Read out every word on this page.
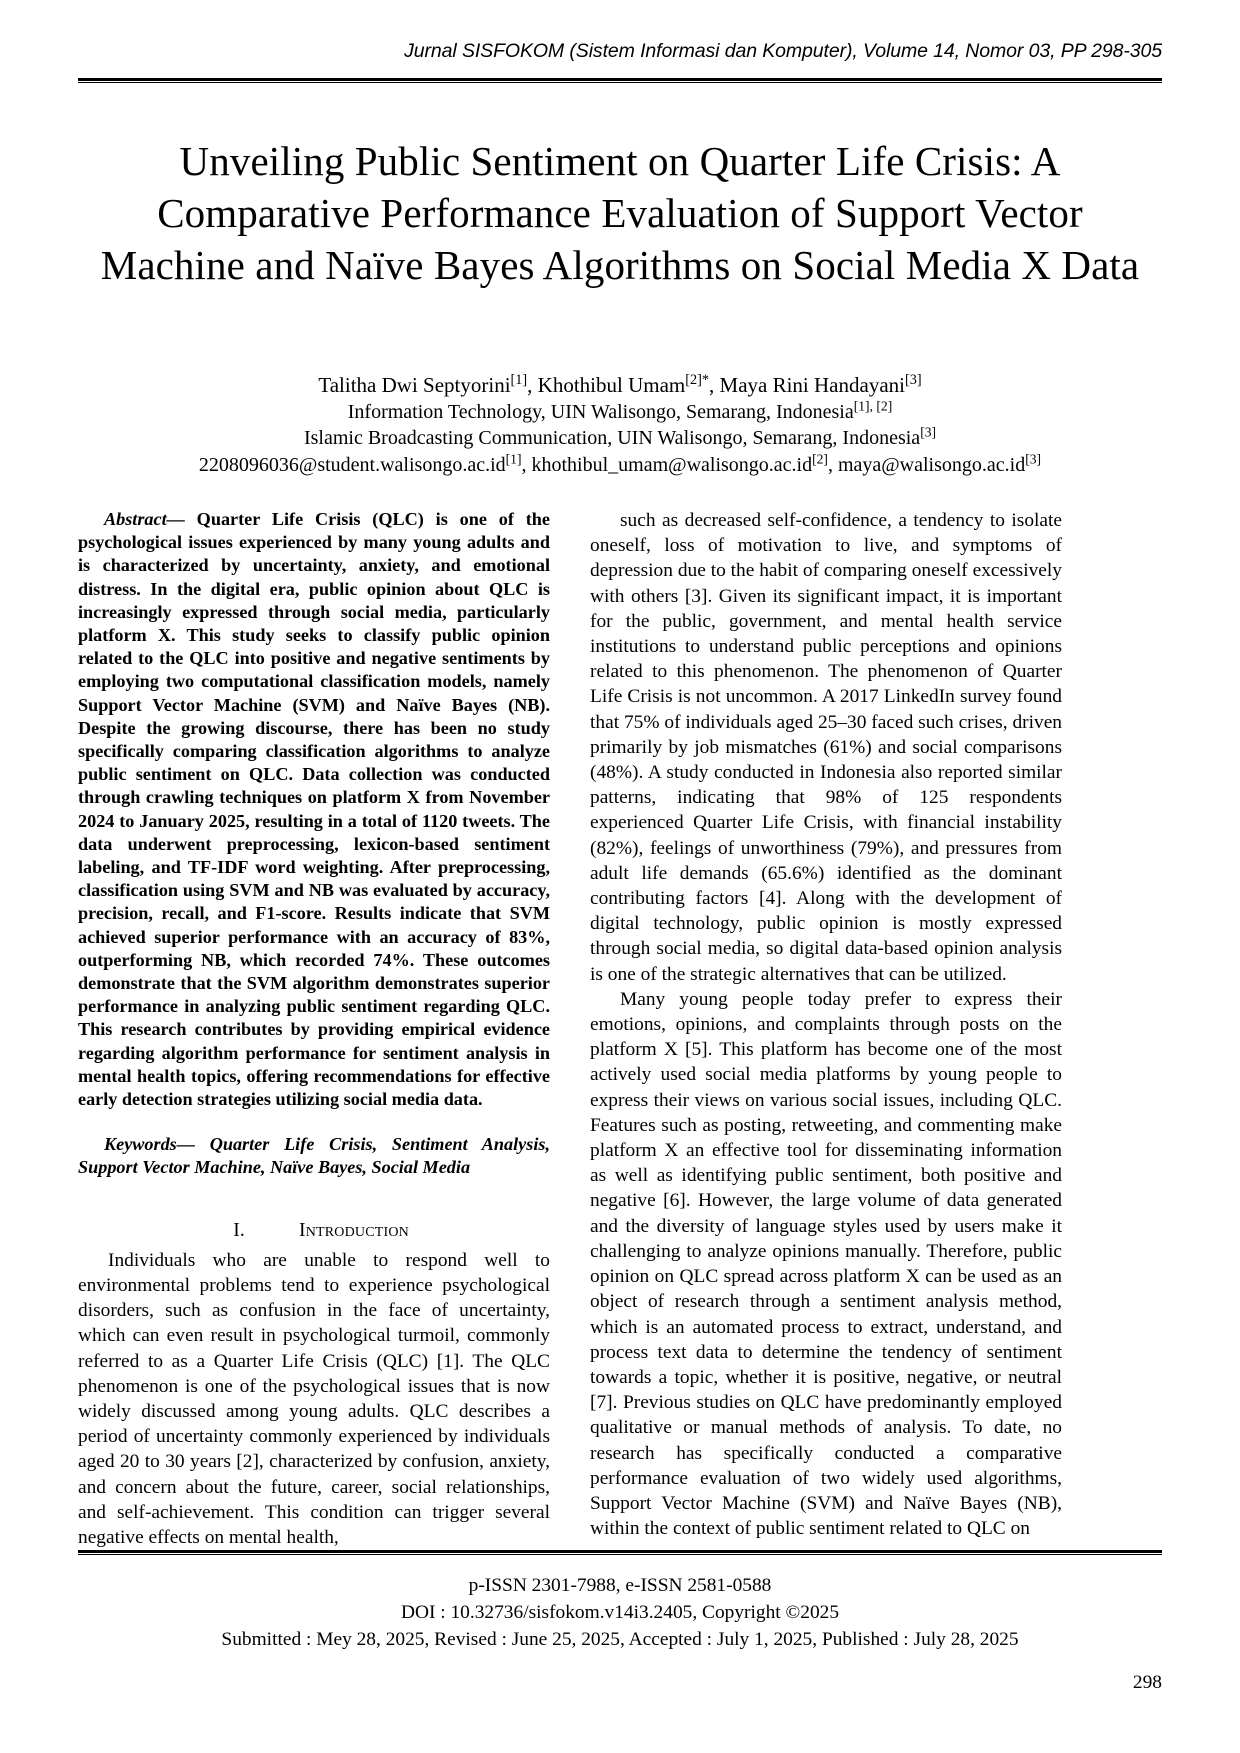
Jurnal SISFOKOM (Sistem Informasi dan Komputer), Volume 14, Nomor 03, PP 298-305
Unveiling Public Sentiment on Quarter Life Crisis: A Comparative Performance Evaluation of Support Vector Machine and Naïve Bayes Algorithms on Social Media X Data
Talitha Dwi Septyorini[1], Khothibul Umam$^{[2]*}$, Maya Rini Handayani[3]
Information Technology, UIN Walisongo, Semarang, Indonesia[1], [2]
Islamic Broadcasting Communication, UIN Walisongo, Semarang, Indonesia[3]
2208096036@student.walisongo.ac.id[1], khothibul_umam@walisongo.ac.id[2], maya@walisongo.ac.id[3]

Abstract— Quarter Life Crisis (QLC) is one of the psychological issues experienced by many young adults and is characterized by uncertainty, anxiety, and emotional distress. In the digital era, public opinion about QLC is increasingly expressed through social media, particularly platform X. This study seeks to classify public opinion related to the QLC into positive and negative sentiments by employing two computational classification models, namely Support Vector Machine (SVM) and Naïve Bayes (NB). Despite the growing discourse, there has been no study specifically comparing classification algorithms to analyze public sentiment on QLC. Data collection was conducted through crawling techniques on platform X from November 2024 to January 2025, resulting in a total of 1120 tweets. The data underwent preprocessing, lexicon-based sentiment labeling, and TF-IDF word weighting. After preprocessing, classification using SVM and NB was evaluated by accuracy, precision, recall, and F1-score. Results indicate that SVM achieved superior performance with an accuracy of 83%, outperforming NB, which recorded 74%. These outcomes demonstrate that the SVM algorithm demonstrates superior performance in analyzing public sentiment regarding QLC. This research contributes by providing empirical evidence regarding algorithm performance for sentiment analysis in mental health topics, offering recommendations for effective early detection strategies utilizing social media data.

Keywords— Quarter Life Crisis, Sentiment Analysis, Support Vector Machine, Naïve Bayes, Social Media

I.	Introduction

Individuals who are unable to respond well to environmental problems tend to experience psychological disorders, such as confusion in the face of uncertainty, which can even result in psychological turmoil, commonly referred to as a Quarter Life Crisis (QLC) [1]. The QLC phenomenon is one of the psychological issues that is now widely discussed among young adults. QLC describes a period of uncertainty commonly experienced by individuals aged 20 to 30 years [2], characterized by confusion, anxiety, and concern about the future, career, social relationships, and self-achievement. This condition can trigger several negative effects on mental health,

such as decreased self-confidence, a tendency to isolate oneself, loss of motivation to live, and symptoms of depression due to the habit of comparing oneself excessively with others [3]. Given its significant impact, it is important for the public, government, and mental health service institutions to understand public perceptions and opinions related to this phenomenon. The phenomenon of Quarter Life Crisis is not uncommon. A 2017 LinkedIn survey found that 75% of individuals aged 25–30 faced such crises, driven primarily by job mismatches (61%) and social comparisons (48%). A study conducted in Indonesia also reported similar patterns, indicating that 98% of 125 respondents experienced Quarter Life Crisis, with financial instability (82%), feelings of unworthiness (79%), and pressures from adult life demands (65.6%) identified as the dominant contributing factors [4]. Along with the development of digital technology, public opinion is mostly expressed through social media, so digital data-based opinion analysis is one of the strategic alternatives that can be utilized.

Many young people today prefer to express their emotions, opinions, and complaints through posts on the platform X [5]. This platform has become one of the most actively used social media platforms by young people to express their views on various social issues, including QLC. Features such as posting, retweeting, and commenting make platform X an effective tool for disseminating information as well as identifying public sentiment, both positive and negative [6]. However, the large volume of data generated and the diversity of language styles used by users make it challenging to analyze opinions manually. Therefore, public opinion on QLC spread across platform X can be used as an object of research through a sentiment analysis method, which is an automated process to extract, understand, and process text data to determine the tendency of sentiment towards a topic, whether it is positive, negative, or neutral [7]. Previous studies on QLC have predominantly employed qualitative or manual methods of analysis. To date, no research has specifically conducted a comparative performance evaluation of two widely used algorithms, Support Vector Machine (SVM) and Naïve Bayes (NB), within the context of public sentiment related to QLC on

p-ISSN 2301-7988, e-ISSN 2581-0588
DOI : 10.32736/sisfokom.v14i3.2405, Copyright ©2025
Submitted : Mey 28, 2025, Revised : June 25, 2025, Accepted : July 1, 2025, Published : July 28, 2025
298
